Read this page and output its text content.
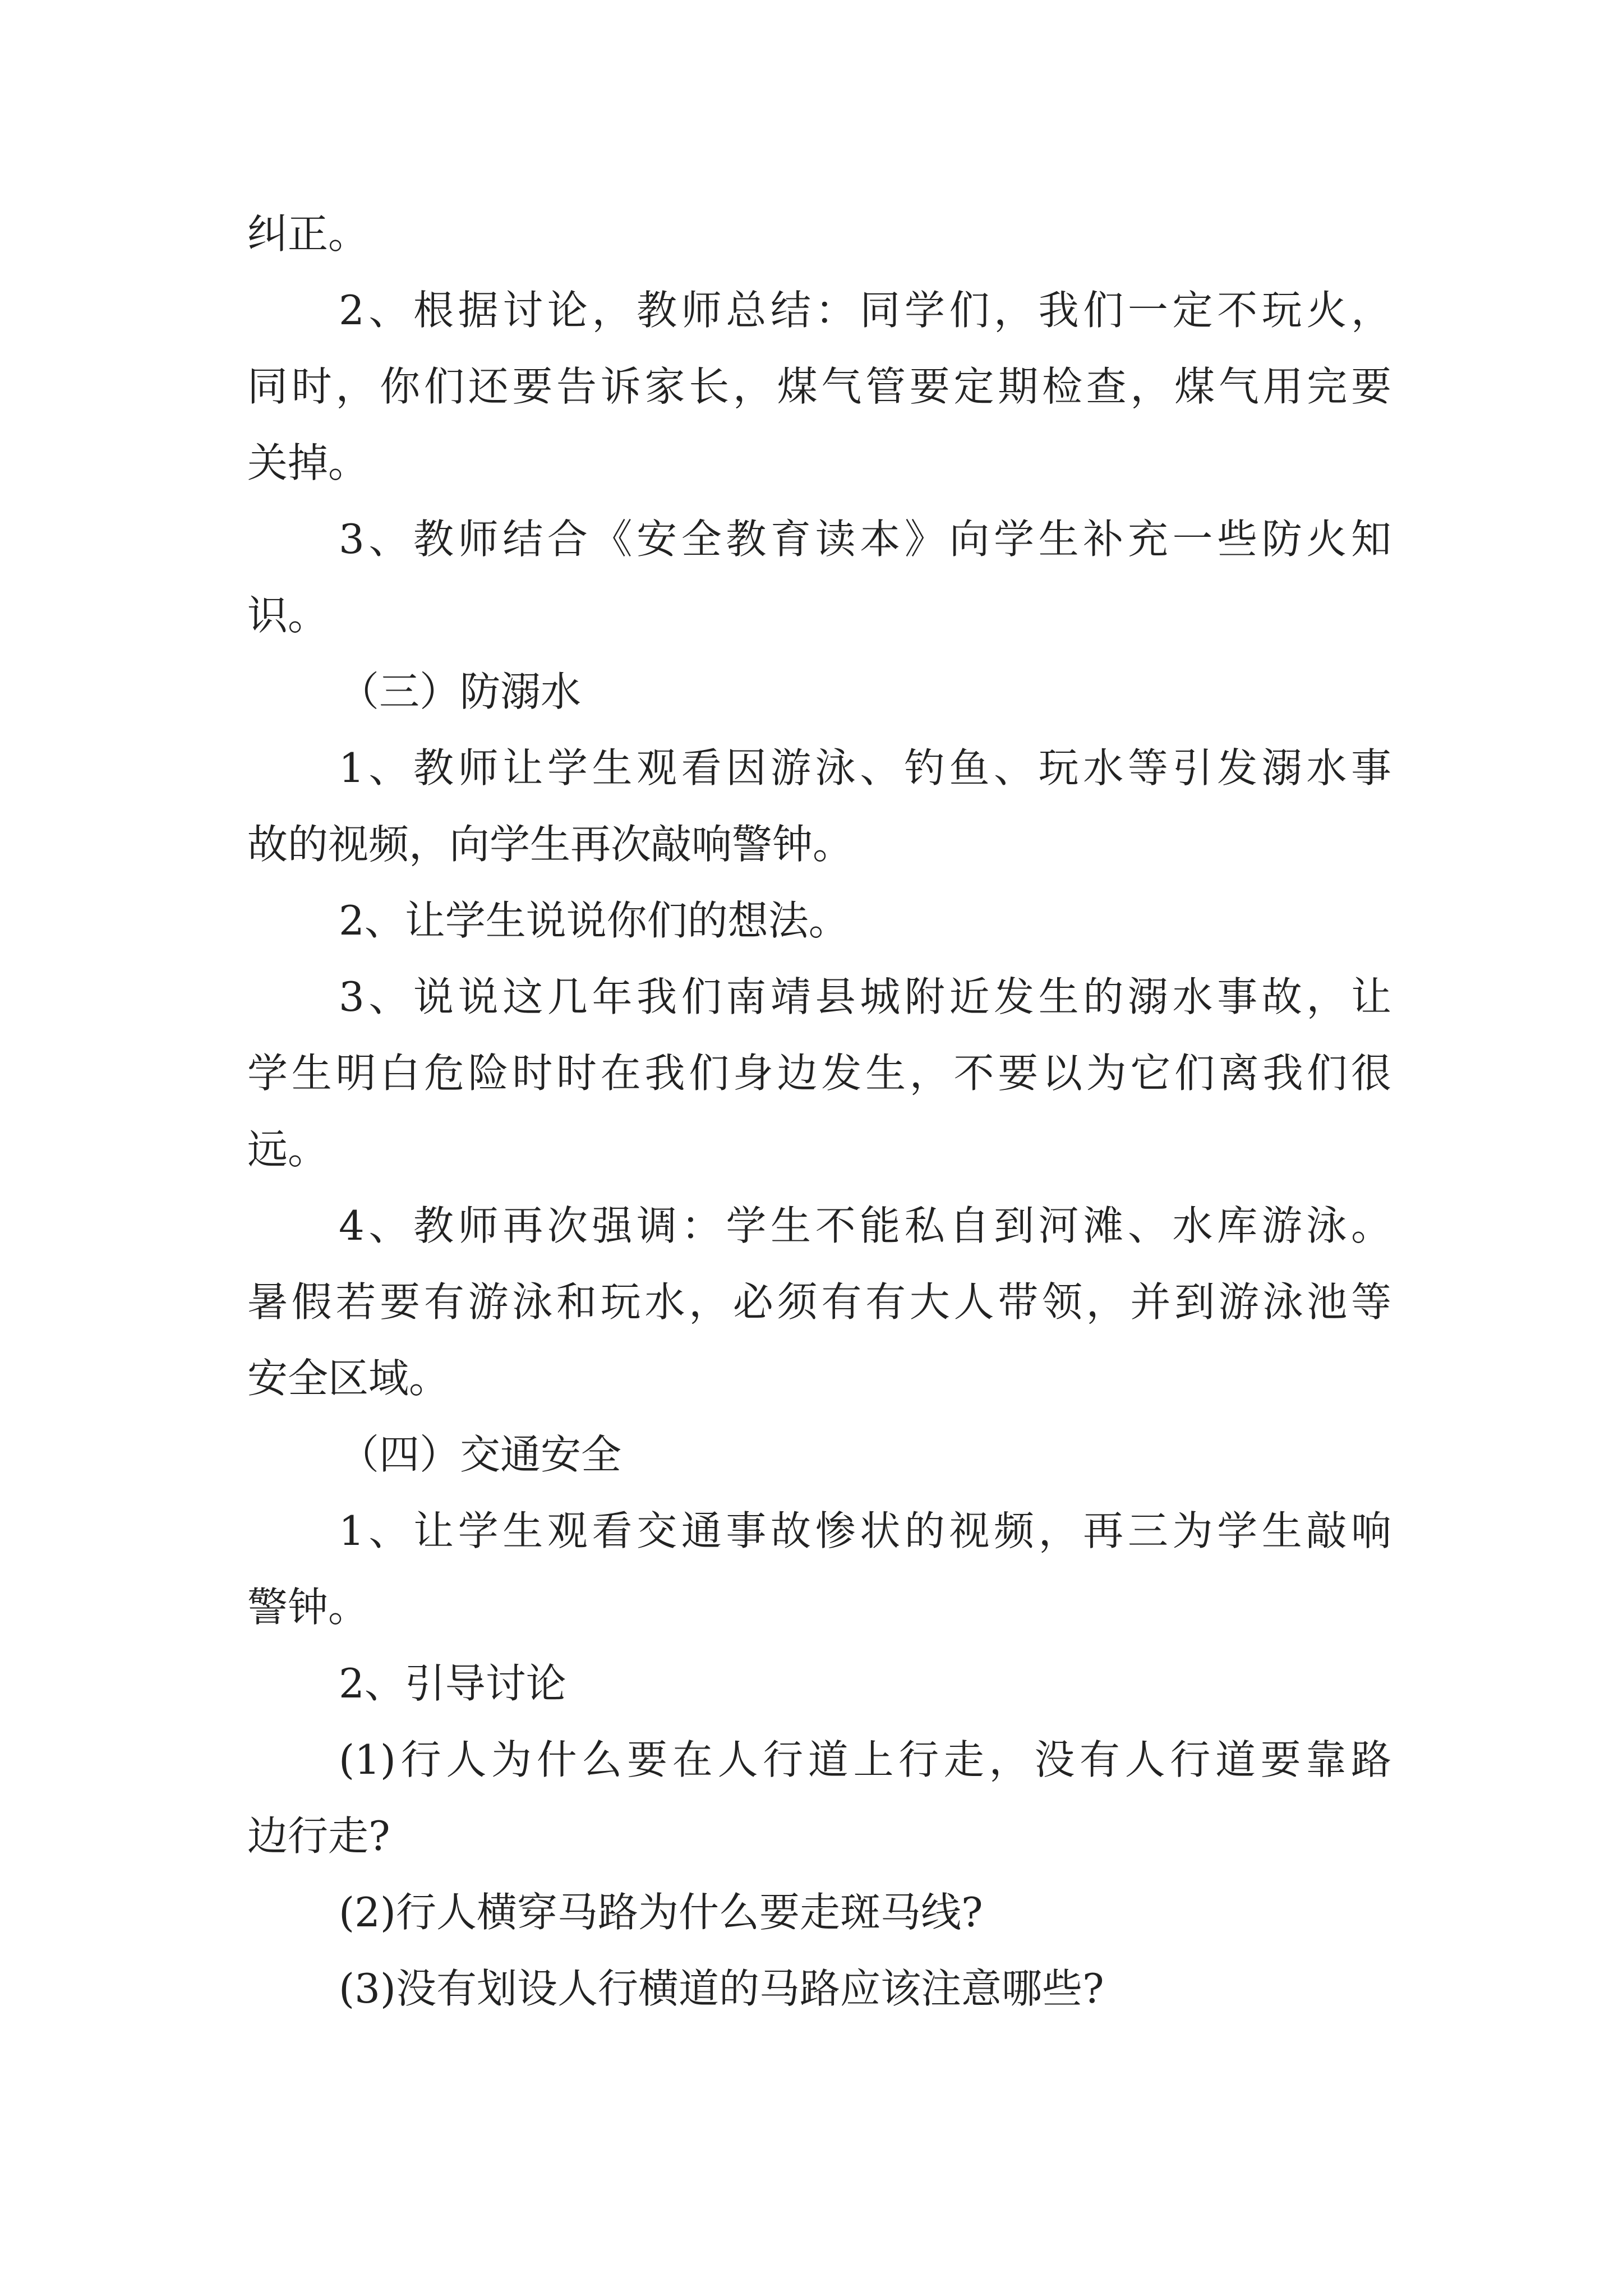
纠正。
2、根据讨论，教师总结：同学们，我们一定不玩火，
同时，你们还要告诉家长，煤气管要定期检查，煤气用完要
关掉。
3、教师结合《安全教育读本》向学生补充一些防火知
识。
（三）防溺水
1、教师让学生观看因游泳、钓鱼、玩水等引发溺水事
故的视频，向学生再次敲响警钟。
2、让学生说说你们的想法。
3、说说这几年我们南靖县城附近发生的溺水事故，让
学生明白危险时时在我们身边发生，不要以为它们离我们很
远。
4、教师再次强调：学生不能私自到河滩、水库游泳。
暑假若要有游泳和玩水，必须有有大人带领，并到游泳池等
安全区域。
（四）交通安全
1、让学生观看交通事故惨状的视频，再三为学生敲响
警钟。
2、引导讨论
(1)行人为什么要在人行道上行走，没有人行道要靠路
边行走?
(2)行人横穿马路为什么要走斑马线?
(3)没有划设人行横道的马路应该注意哪些?
